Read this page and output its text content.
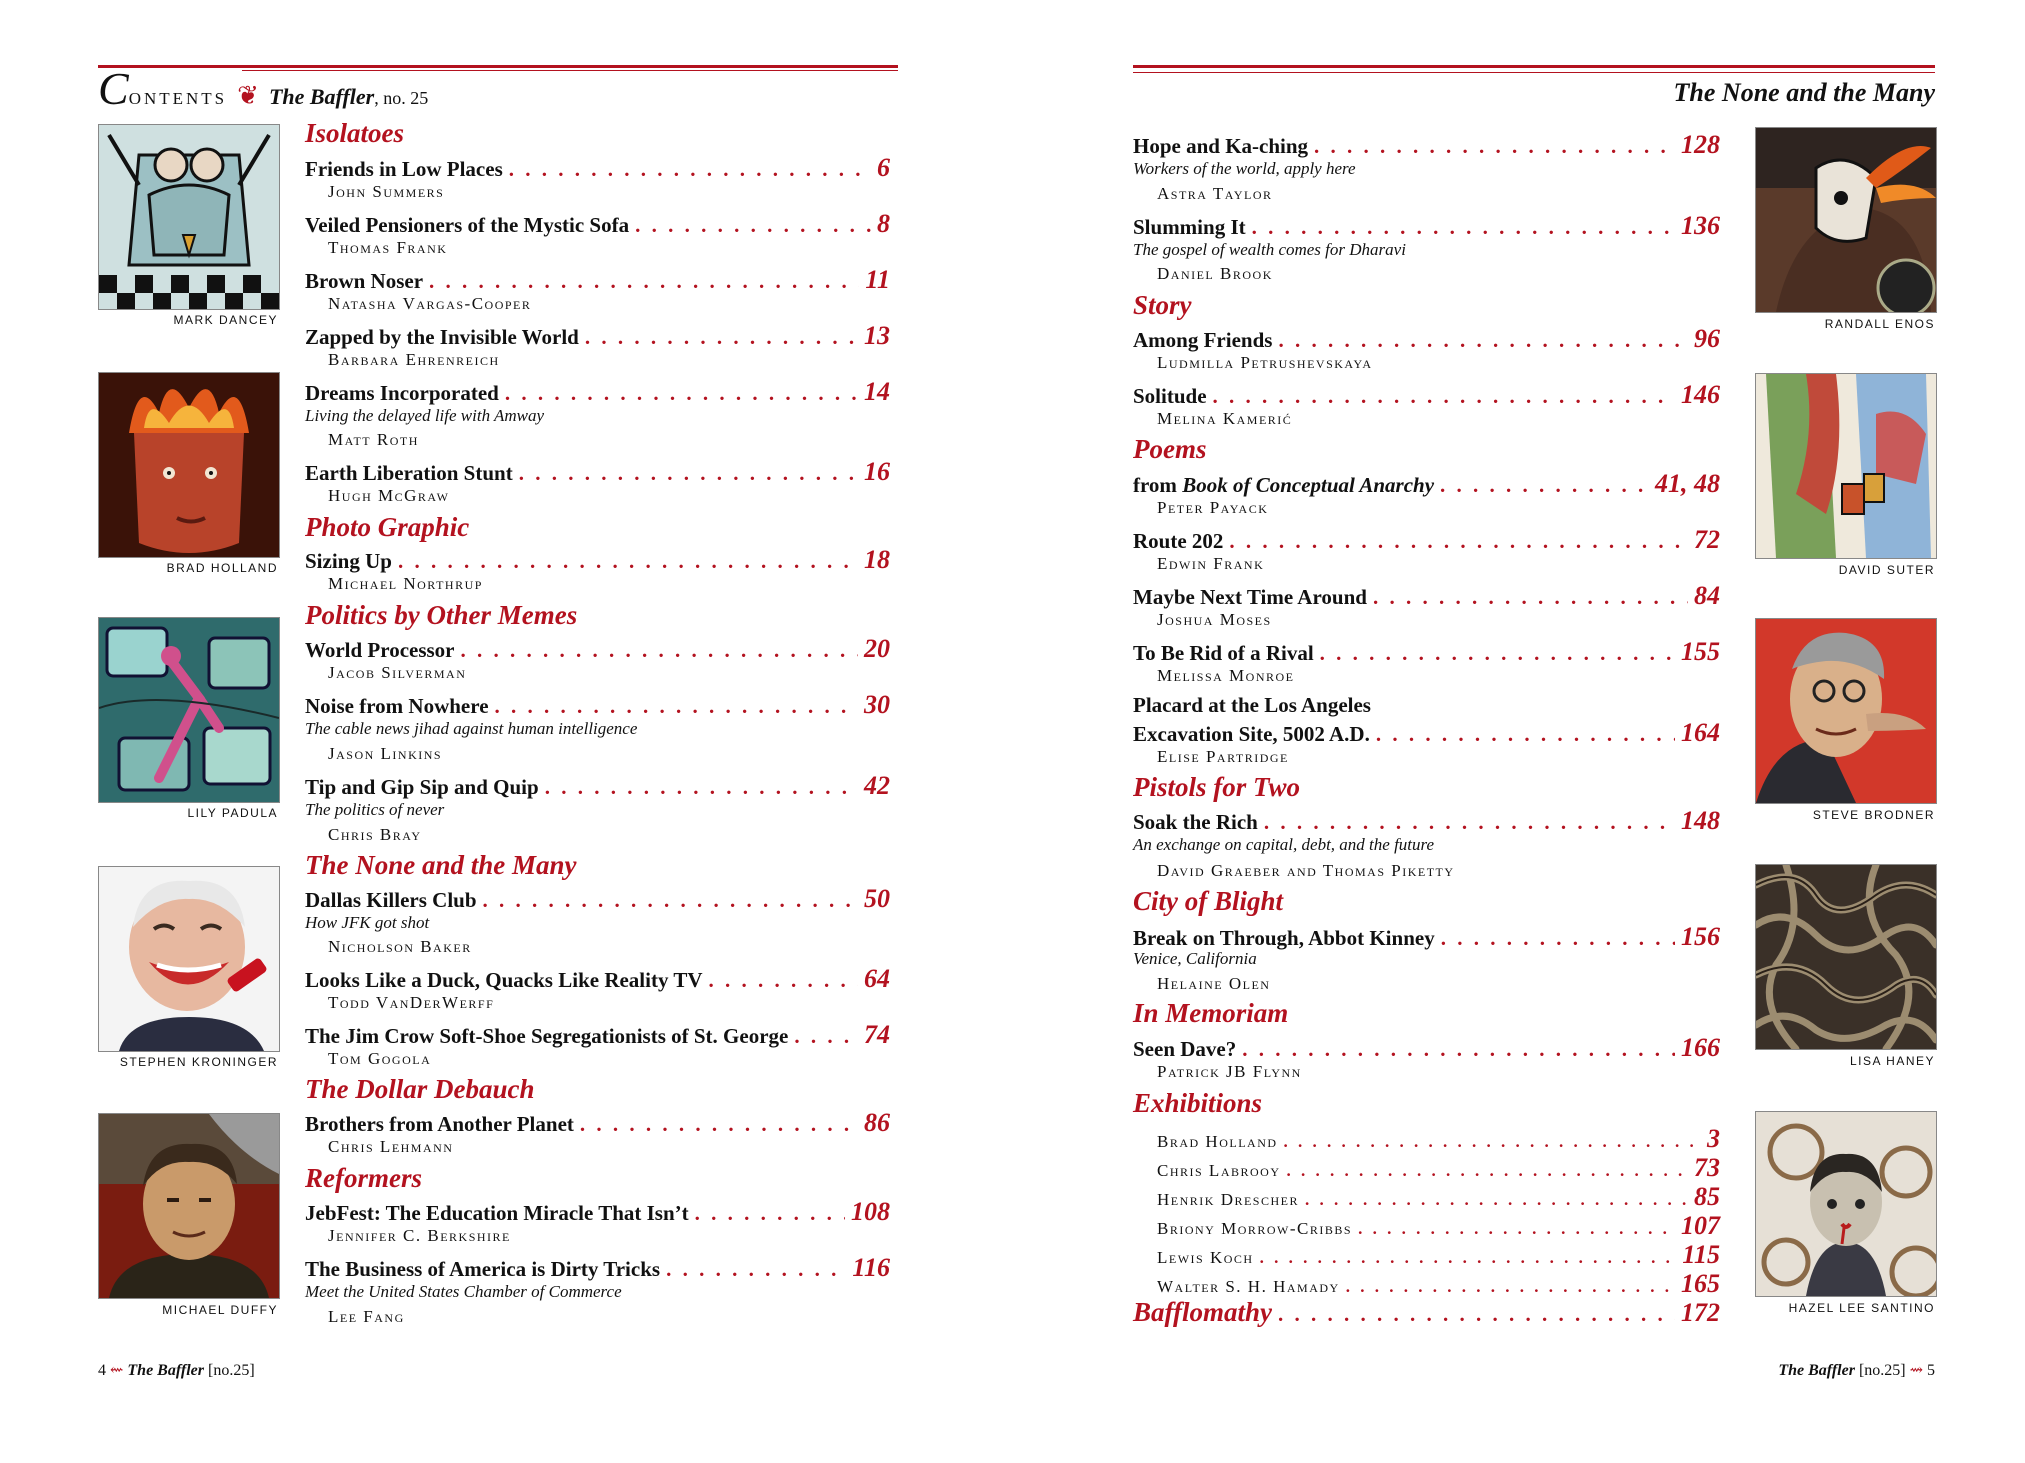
Contents ❦ The Baffler, no. 25	The None and the Many
MARK DANCEY
BRAD HOLLAND
LILY PADULA
STEPHEN KRONINGER
MICHAEL DUFFY
Isolatoes
Friends in Low Places . . .	6
John Summers
Veiled Pensioners of the Mystic Sofa . . .	8
Thomas Frank
Brown Noser . . .	11
Natasha Vargas-Cooper
Zapped by the Invisible World . . .	13
Barbara Ehrenreich
Dreams Incorporated . . .	14
Living the delayed life with Amway
Matt Roth
Earth Liberation Stunt . . .	16
Hugh McGraw
Photo Graphic
Sizing Up . . .	18
Michael Northrup
Politics by Other Memes
World Processor . . .	20
Jacob Silverman
Noise from Nowhere . . .	30
The cable news jihad against human intelligence
Jason Linkins
Tip and Gip Sip and Quip . . .	42
The politics of never
Chris Bray
The None and the Many
Dallas Killers Club . . .	50
How JFK got shot
Nicholson Baker
Looks Like a Duck, Quacks Like Reality TV . . .	64
Todd VanDerWerff
The Jim Crow Soft-Shoe Segregationists of St. George . . .	74
Tom Gogola
The Dollar Debauch
Brothers from Another Planet . . .	86
Chris Lehmann
Reformers
JebFest: The Education Miracle That Isn’t . . .	108
Jennifer C. Berkshire
The Business of America is Dirty Tricks . . .	116
Meet the United States Chamber of Commerce
Lee Fang
Hope and Ka-ching . . .	128
Workers of the world, apply here
Astra Taylor
Slumming It . . .	136
The gospel of wealth comes for Dharavi
Daniel Brook
Story
Among Friends . . .	96
Ludmilla Petrushevskaya
Solitude . . .	146
Melina Kamerić
Poems
from Book of Conceptual Anarchy . . .	41, 48
Peter Payack
Route 202 . . .	72
Edwin Frank
Maybe Next Time Around . . .	84
Joshua Moses
To Be Rid of a Rival . . .	155
Melissa Monroe
Placard at the Los Angeles
Excavation Site, 5002 A.D. . . .	164
Elise Partridge
Pistols for Two
Soak the Rich . . .	148
An exchange on capital, debt, and the future
David Graeber and Thomas Piketty
City of Blight
Break on Through, Abbot Kinney . . .	156
Venice, California
Helaine Olen
In Memoriam
Seen Dave? . . .	166
Patrick JB Flynn
Exhibitions
Brad Holland . . .	3
Chris Labrooy . . .	73
Henrik Drescher . . .	85
Briony Morrow-Cribbs . . .	107
Lewis Koch . . .	115
Walter S. H. Hamady . . .	165
Bafflomathy . . .	172
RANDALL ENOS
DAVID SUTER
STEVE BRODNER
LISA HANEY
HAZEL LEE SANTINO
4 ⇜ The Baffler [no.25]	The Baffler [no.25] ⇝ 5
